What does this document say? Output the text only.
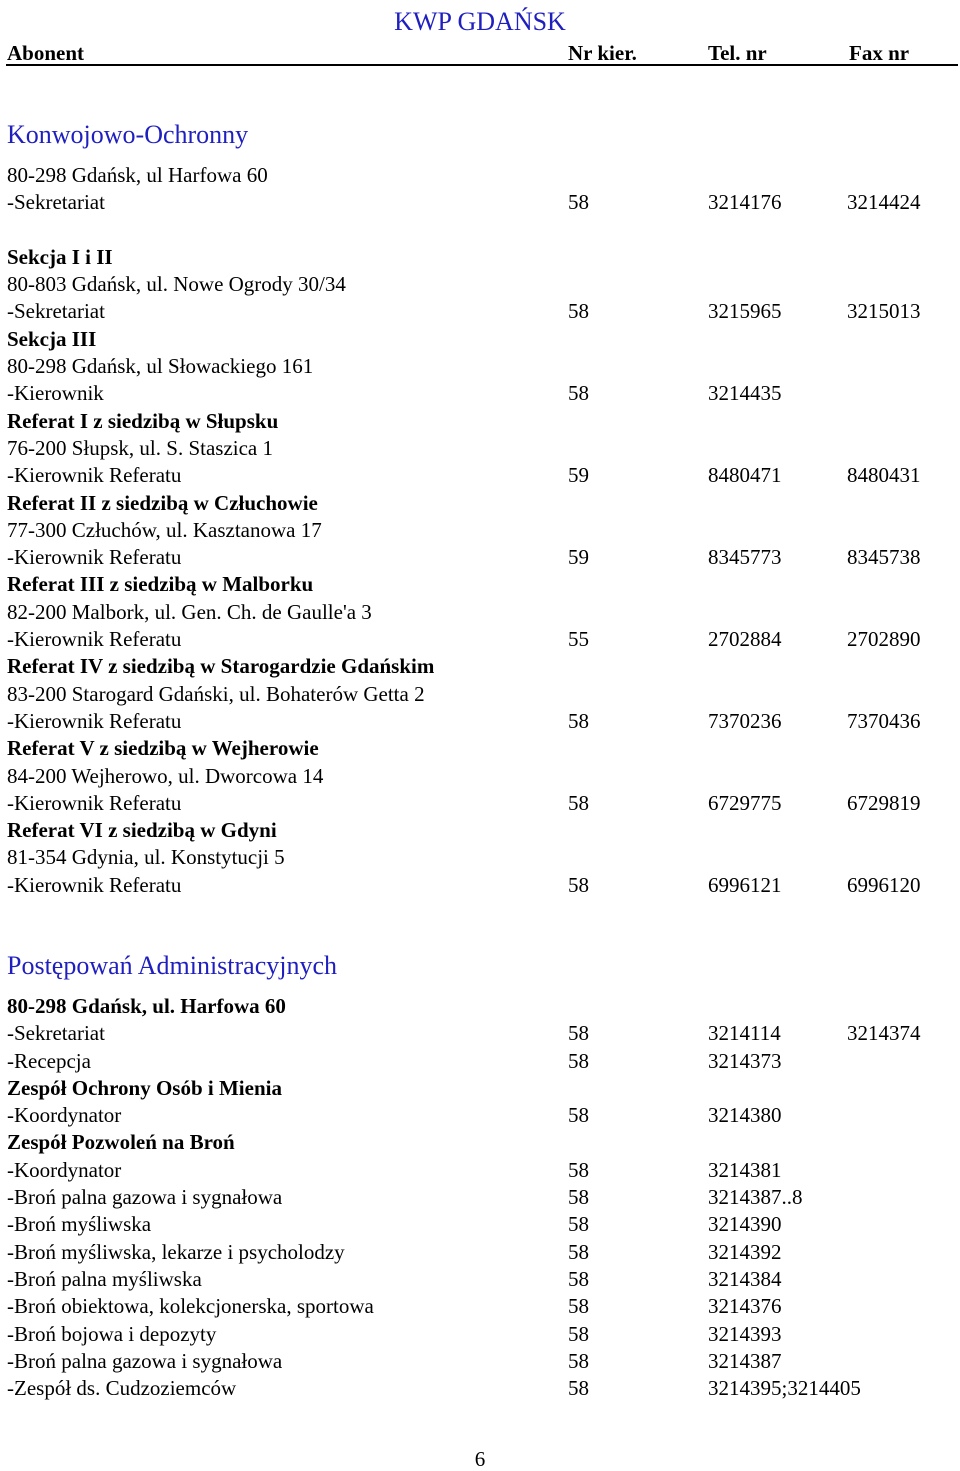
KWP GDAŃSK
Abonent	Nr kier.	Tel. nr	Fax nr
Konwojowo-Ochronny
80-298 Gdańsk, ul Harfowa 60
-Sekretariat	58	3214176	3214424
Sekcja I i II
80-803 Gdańsk, ul. Nowe Ogrody 30/34
-Sekretariat	58	3215965	3215013
Sekcja III
80-298 Gdańsk, ul Słowackiego 161
-Kierownik	58	3214435
Referat I z siedzibą w Słupsku
76-200 Słupsk, ul. S. Staszica 1
-Kierownik Referatu	59	8480471	8480431
Referat II z siedzibą w Człuchowie
77-300 Człuchów, ul. Kasztanowa 17
-Kierownik Referatu	59	8345773	8345738
Referat III z siedzibą w Malborku
82-200 Malbork, ul. Gen. Ch. de Gaulle'a 3
-Kierownik Referatu	55	2702884	2702890
Referat IV z siedzibą w Starogardzie Gdańskim
83-200 Starogard Gdański, ul. Bohaterów Getta 2
-Kierownik Referatu	58	7370236	7370436
Referat V z siedzibą w Wejherowie
84-200 Wejherowo, ul. Dworcowa 14
-Kierownik Referatu	58	6729775	6729819
Referat VI z siedzibą w Gdyni
81-354 Gdynia, ul. Konstytucji 5
-Kierownik Referatu	58	6996121	6996120
Postępowań Administracyjnych
80-298 Gdańsk, ul. Harfowa 60
-Sekretariat	58	3214114	3214374
-Recepcja	58	3214373
Zespół Ochrony Osób i Mienia
-Koordynator	58	3214380
Zespół Pozwoleń na Broń
-Koordynator	58	3214381
-Broń palna gazowa i sygnałowa	58	3214387..8
-Broń myśliwska	58	3214390
-Broń myśliwska, lekarze i psycholodzy	58	3214392
-Broń palna myśliwska	58	3214384
-Broń obiektowa, kolekcjonerska, sportowa	58	3214376
-Broń bojowa i depozyty	58	3214393
-Broń palna gazowa i sygnałowa	58	3214387
-Zespół ds. Cudzoziemców	58	3214395;3214405
6
